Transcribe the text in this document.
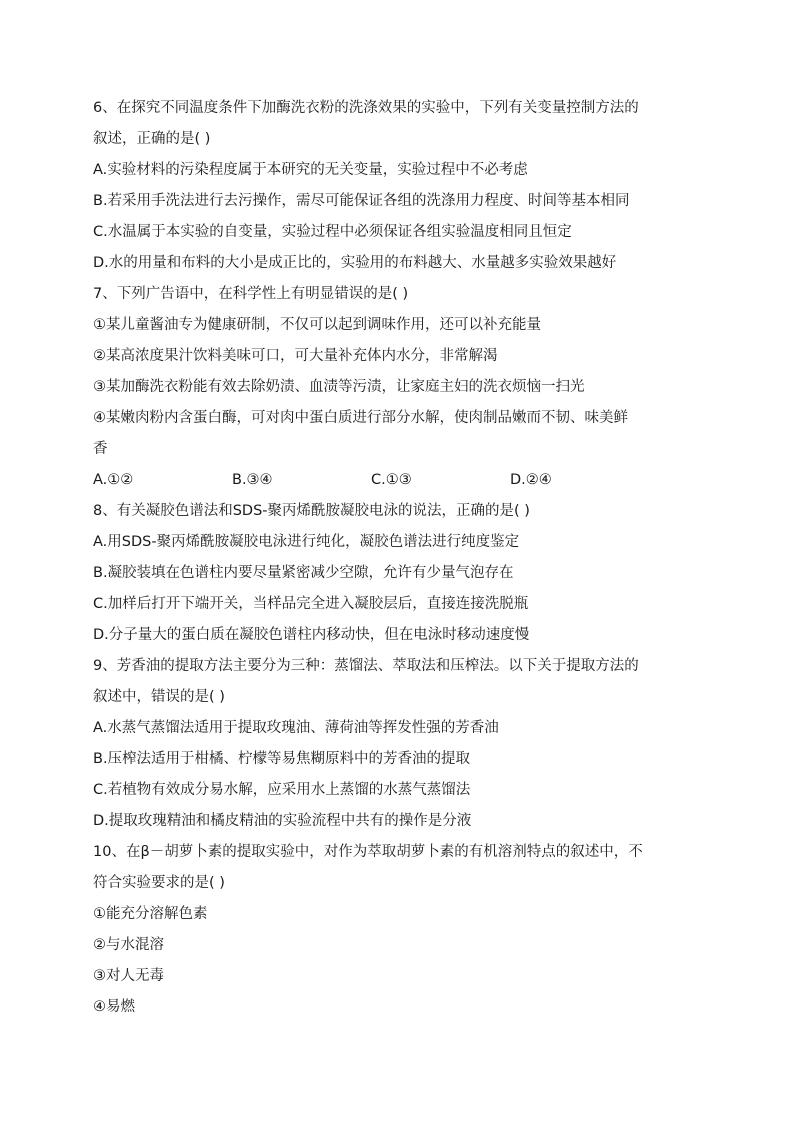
6、在探究不同温度条件下加酶洗衣粉的洗涤效果的实验中，下列有关变量控制方法的
叙述，正确的是( )
A.实验材料的污染程度属于本研究的无关变量，实验过程中不必考虑
B.若采用手洗法进行去污操作，需尽可能保证各组的洗涤用力程度、时间等基本相同
C.水温属于本实验的自变量，实验过程中必须保证各组实验温度相同且恒定
D.水的用量和布料的大小是成正比的，实验用的布料越大、水量越多实验效果越好
7、下列广告语中，在科学性上有明显错误的是( )
①某儿童酱油专为健康研制，不仅可以起到调味作用，还可以补充能量
②某高浓度果汁饮料美味可口，可大量补充体内水分，非常解渴
③某加酶洗衣粉能有效去除奶渍、血渍等污渍，让家庭主妇的洗衣烦恼一扫光
④某嫩肉粉内含蛋白酶，可对肉中蛋白质进行部分水解，使肉制品嫩而不韧、味美鲜
香
A.①②	B.③④	C.①③	D.②④
8、有关凝胶色谱法和SDS-聚丙烯酰胺凝胶电泳的说法，正确的是( )
A.用SDS-聚丙烯酰胺凝胶电泳进行纯化，凝胶色谱法进行纯度鉴定
B.凝胶装填在色谱柱内要尽量紧密减少空隙，允许有少量气泡存在
C.加样后打开下端开关，当样品完全进入凝胶层后，直接连接洗脱瓶
D.分子量大的蛋白质在凝胶色谱柱内移动快，但在电泳时移动速度慢
9、芳香油的提取方法主要分为三种：蒸馏法、萃取法和压榨法。以下关于提取方法的
叙述中，错误的是( )
A.水蒸气蒸馏法适用于提取玫瑰油、薄荷油等挥发性强的芳香油
B.压榨法适用于柑橘、柠檬等易焦糊原料中的芳香油的提取
C.若植物有效成分易水解，应采用水上蒸馏的水蒸气蒸馏法
D.提取玫瑰精油和橘皮精油的实验流程中共有的操作是分液
10、在β－胡萝卜素的提取实验中，对作为萃取胡萝卜素的有机溶剂特点的叙述中，不
符合实验要求的是( )
①能充分溶解色素
②与水混溶
③对人无毒
④易燃
